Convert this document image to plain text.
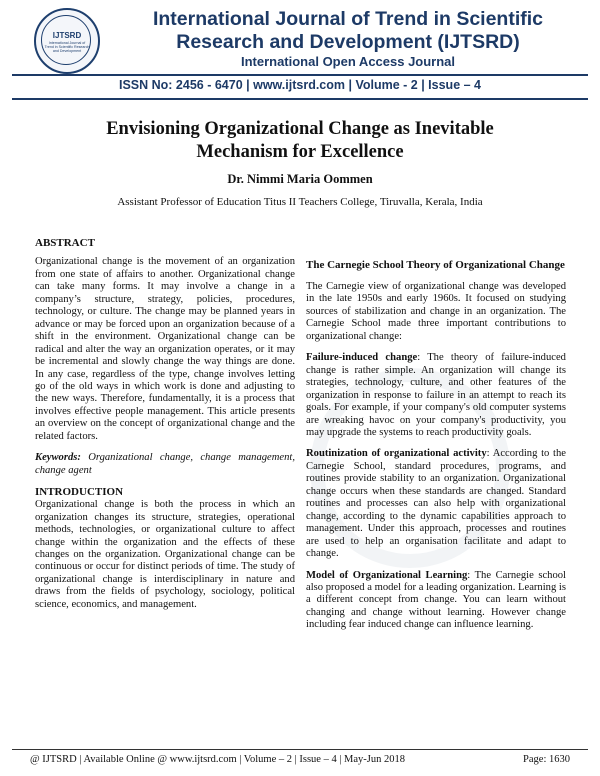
IJTSRD
International Journal of Trend in Scientific Research and Development
International Journal of Trend in Scientific
Research and Development (IJTSRD)
International Open Access Journal
ISSN No: 2456 - 6470 | www.ijtsrd.com | Volume - 2 | Issue – 4
Envisioning Organizational Change as Inevitable
Mechanism for Excellence
Dr. Nimmi Maria Oommen
Assistant Professor of Education Titus II Teachers College, Tiruvalla, Kerala, India
ABSTRACT

Organizational change is the movement of an organization from one state of affairs to another. Organizational change can take many forms. It may involve a change in a company’s structure, strategy, policies, procedures, technology, or culture. The change may be planned years in advance or may be forced upon an organization because of a shift in the environment. Organizational change can be radical and alter the way an organization operates, or it may be incremental and slowly change the way things are done. In any case, regardless of the type, change involves letting go of the old ways in which work is done and adjusting to the new ways. Therefore, fundamentally, it is a process that involves effective people management. This article presents an overview on the concept of organizational change and the related factors.

Keywords: Organizational change, change management, change agent

INTRODUCTION

Organizational change is both the process in which an organization changes its structure, strategies, operational methods, technologies, or organizational culture to affect change within the organization and the effects of these changes on the organization. Organizational change can be continuous or occur for distinct periods of time. The study of organizational change is interdisciplinary in nature and draws from the fields of psychology, sociology, political science, economics, and management.

The Carnegie School Theory of Organizational Change

The Carnegie view of organizational change was developed in the late 1950s and early 1960s. It focused on studying sources of stabilization and change in an organization. The Carnegie School made three important contributions to organizational change:

Failure-induced change: The theory of failure-induced change is rather simple. An organization will change its strategies, technology, culture, and other features of the organization in response to failure in an attempt to reach its goals. For example, if your company's old computer systems are wreaking havoc on your company's productivity, you may upgrade the systems to reach productivity goals.

Routinization of organizational activity: According to the Carnegie School, standard procedures, programs, and routines provide stability to an organization. Organizational change occurs when these standards are changed. Standard routines and processes can also help with organizational change, according to the dynamic capabilities approach to management. Under this approach, processes and routines are used to help an organisation facilitate and adapt to change.

Model of Organizational Learning: The Carnegie school also proposed a model for a leading organization. Learning is a different concept from change. You can learn without changing and change without learning. However change including fear induced change can influence learning.

@ IJTSRD | Available Online @ www.ijtsrd.com | Volume – 2 | Issue – 4 | May-Jun 2018	Page: 1630
